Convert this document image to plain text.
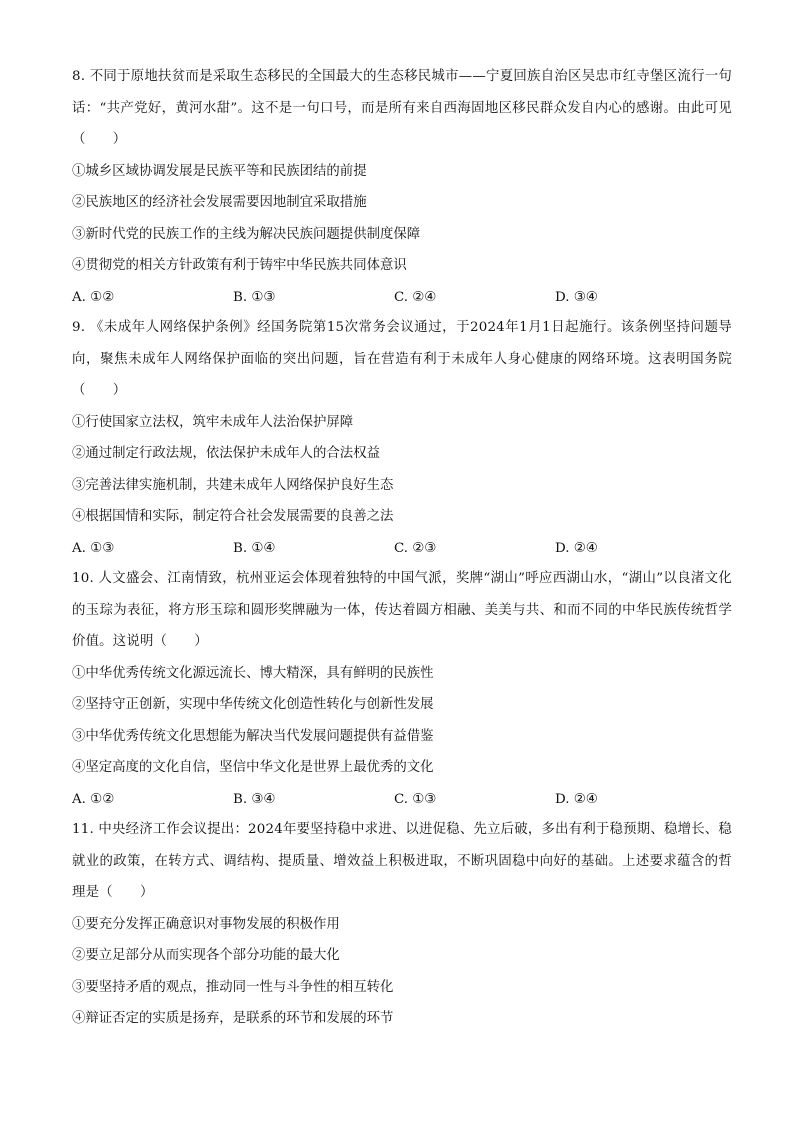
8. 不同于原地扶贫而是采取生态移民的全国最大的生态移民城市——宁夏回族自治区吴忠市红寺堡区流行一句话：“共产党好，黄河水甜”。这不是一句口号，而是所有来自西海固地区移民群众发自内心的感谢。由此可见（　　）

①城乡区域协调发展是民族平等和民族团结的前提

②民族地区的经济社会发展需要因地制宜采取措施

③新时代党的民族工作的主线为解决民族问题提供制度保障

④贯彻党的相关方针政策有利于铸牢中华民族共同体意识

A. ①②	B. ①③	C. ②④	D. ③④

9. 《未成年人网络保护条例》经国务院第15次常务会议通过，于2024年1月1日起施行。该条例坚持问题导向，聚焦未成年人网络保护面临的突出问题，旨在营造有利于未成年人身心健康的网络环境。这表明国务院（　　）

①行使国家立法权，筑牢未成年人法治保护屏障

②通过制定行政法规，依法保护未成年人的合法权益

③完善法律实施机制，共建未成年人网络保护良好生态

④根据国情和实际，制定符合社会发展需要的良善之法

A. ①③	B. ①④	C. ②③	D. ②④

10. 人文盛会、江南情致，杭州亚运会体现着独特的中国气派，奖牌“湖山”呼应西湖山水，“湖山”以良渚文化的玉琮为表征，将方形玉琮和圆形奖牌融为一体，传达着圆方相融、美美与共、和而不同的中华民族传统哲学价值。这说明（　　）

①中华优秀传统文化源远流长、博大精深，具有鲜明的民族性

②坚持守正创新，实现中华传统文化创造性转化与创新性发展

③中华优秀传统文化思想能为解决当代发展问题提供有益借鉴

④坚定高度的文化自信，坚信中华文化是世界上最优秀的文化

A. ①②	B. ③④	C. ①③	D. ②④

11. 中央经济工作会议提出：2024年要坚持稳中求进、以进促稳、先立后破，多出有利于稳预期、稳增长、稳就业的政策，在转方式、调结构、提质量、增效益上积极进取，不断巩固稳中向好的基础。上述要求蕴含的哲理是（　　）

①要充分发挥正确意识对事物发展的积极作用

②要立足部分从而实现各个部分功能的最大化

③要坚持矛盾的观点，推动同一性与斗争性的相互转化

④辩证否定的实质是扬弃，是联系的环节和发展的环节
